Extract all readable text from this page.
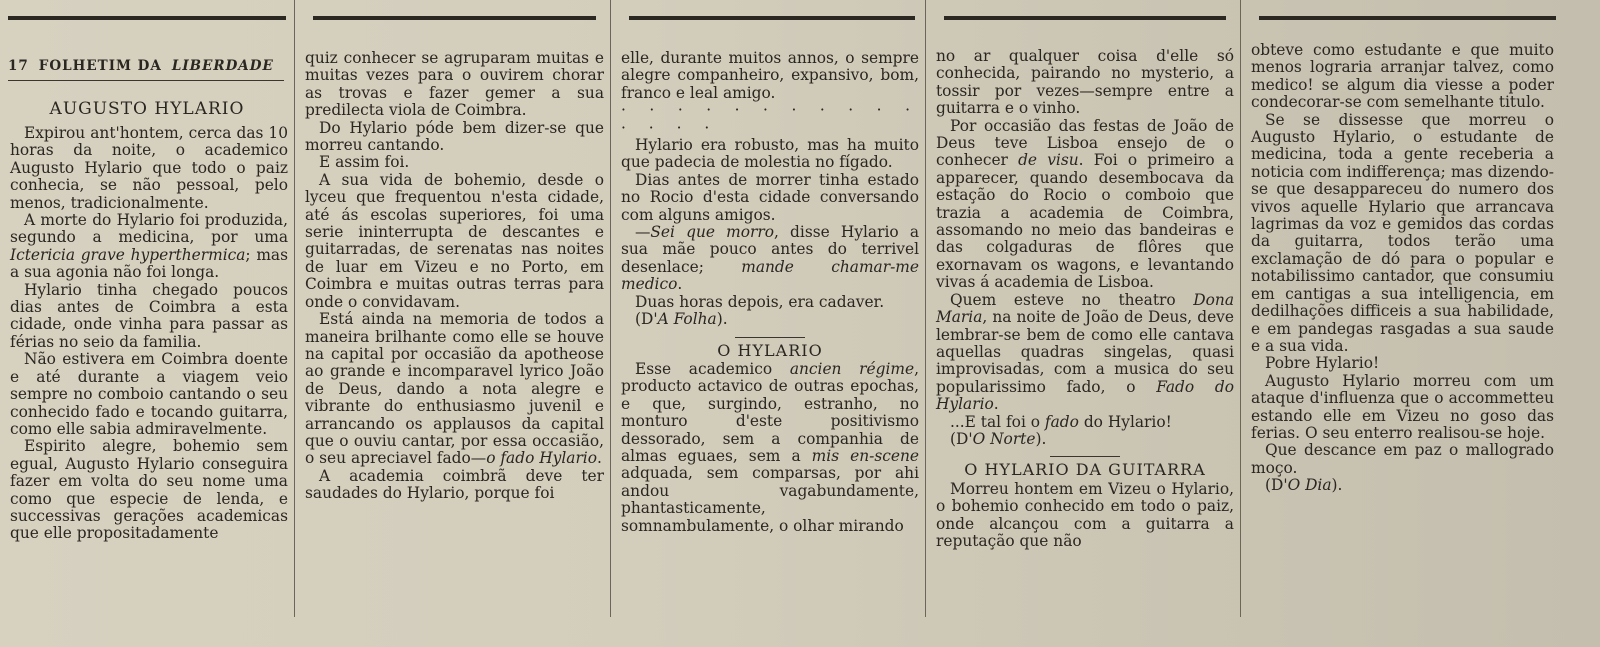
17 FOLHETIM DA LIBERDADE
AUGUSTO HYLARIO

Expirou ant'hontem, cerca das 10 horas da noite, o academico Augusto Hylario que todo o paiz conhecia, se não pessoal, pelo menos, tradicionalmente.

A morte do Hylario foi produzida, segundo a medicina, por uma Ictericia grave hyperthermica; mas a sua agonia não foi longa.

Hylario tinha chegado poucos dias antes de Coimbra a esta cidade, onde vinha para passar as férias no seio da familia.

Não estivera em Coimbra doente e até durante a viagem veio sempre no comboio cantando o seu conhecido fado e tocando guitarra, como elle sabia admiravelmente.

Espirito alegre, bohemio sem egual, Augusto Hylario conseguira fazer em volta do seu nome uma como que especie de lenda, e successivas gerações academicas que elle propositadamente

quiz conhecer se agruparam muitas e muitas vezes para o ouvirem chorar as trovas e fazer gemer a sua predilecta viola de Coimbra.

Do Hylario póde bem dizer-se que morreu cantando.

E assim foi.

A sua vida de bohemio, desde o lyceu que frequentou n'esta cidade, até ás escolas superiores, foi uma serie ininterrupta de descantes e guitarradas, de serenatas nas noites de luar em Vizeu e no Porto, em Coimbra e muitas outras terras para onde o convidavam.

Está ainda na memoria de todos a maneira brilhante como elle se houve na capital por occasião da apotheose ao grande e incomparavel lyrico João de Deus, dando a nota alegre e vibrante do enthusiasmo juvenil e arrancando os applausos da capital que o ouviu cantar, por essa occasião, o seu apreciavel fado—o fado Hylario.

A academia coimbrã deve ter saudades do Hylario, porque foi

elle, durante muitos annos, o sempre alegre companheiro, expansivo, bom, franco e leal amigo.

· · · · · · · · · · · · · · ·

Hylario era robusto, mas ha muito que padecia de molestia no fígado.

Dias antes de morrer tinha estado no Rocio d'esta cidade conversando com alguns amigos.

—Sei que morro, disse Hylario a sua mãe pouco antes do terrivel desenlace; mande chamar-me medico.

Duas horas depois, era cadaver.

(D'A Folha).

O HYLARIO

Esse academico ancien régime, producto actavico de outras epochas, e que, surgindo, estranho, no monturo d'este positivismo dessorado, sem a companhia de almas eguaes, sem a mis en-scene adquada, sem comparsas, por ahi andou vagabundamente, phantasticamente, somnambulamente, o olhar mirando

no ar qualquer coisa d'elle só conhecida, pairando no mysterio, a tossir por vezes—sempre entre a guitarra e o vinho.

Por occasião das festas de João de Deus teve Lisboa ensejo de o conhecer de visu. Foi o primeiro a apparecer, quando desembocava da estação do Rocio o comboio que trazia a academia de Coimbra, assomando no meio das bandeiras e das colgaduras de flôres que exornavam os wagons, e levantando vivas á academia de Lisboa.

Quem esteve no theatro Dona Maria, na noite de João de Deus, deve lembrar-se bem de como elle cantava aquellas quadras singelas, quasi improvisadas, com a musica do seu popularissimo fado, o Fado do Hylario.

...E tal foi o fado do Hylario!

(D'O Norte).

O HYLARIO DA GUITARRA

Morreu hontem em Vizeu o Hylario, o bohemio conhecido em todo o paiz, onde alcançou com a guitarra a reputação que não

obteve como estudante e que muito menos lograria arranjar talvez, como medico! se algum dia viesse a poder condecorar-se com semelhante titulo.

Se se dissesse que morreu o Augusto Hylario, o estudante de medicina, toda a gente receberia a noticia com indifferença; mas dizendo-se que desappareceu do numero dos vivos aquelle Hylario que arrancava lagrimas da voz e gemidos das cordas da guitarra, todos terão uma exclamação de dó para o popular e notabilissimo cantador, que consumiu em cantigas a sua intelligencia, em dedilhações difficeis a sua habilidade, e em pandegas rasgadas a sua saude e a sua vida.

Pobre Hylario!

Augusto Hylario morreu com um ataque d'influenza que o accommetteu estando elle em Vizeu no goso das ferias. O seu enterro realisou-se hoje.

Que descance em paz o mallogrado moço.

(D'O Dia).
